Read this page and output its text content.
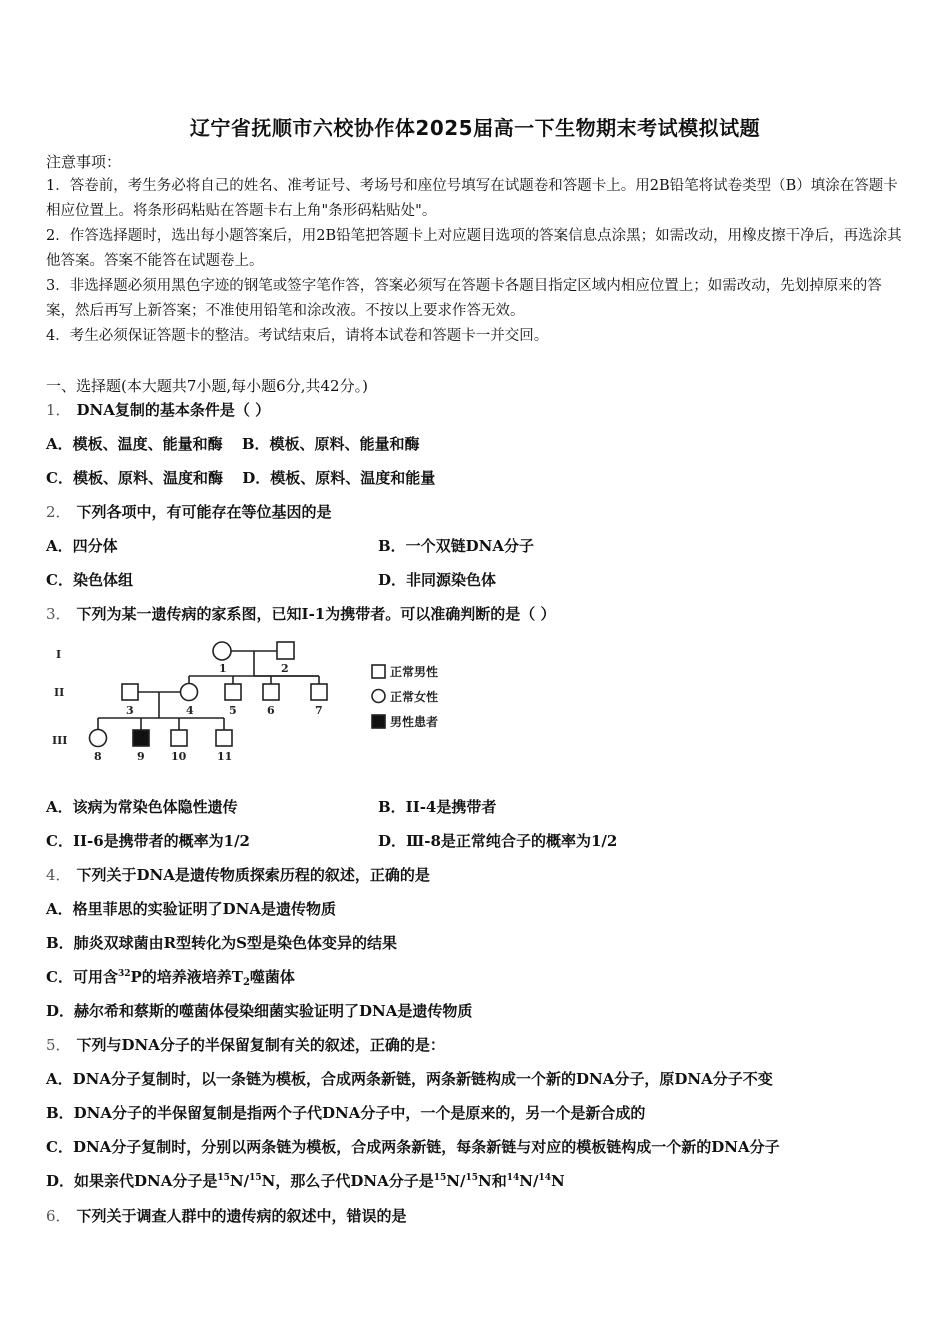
辽宁省抚顺市六校协作体2025届高一下生物期末考试模拟试题
注意事项：
1．答卷前，考生务必将自己的姓名、准考证号、考场号和座位号填写在试题卷和答题卡上。用2B铅笔将试卷类型（B）填涂在答题卡相应位置上。将条形码粘贴在答题卡右上角"条形码粘贴处"。
2．作答选择题时，选出每小题答案后，用2B铅笔把答题卡上对应题目选项的答案信息点涂黑；如需改动，用橡皮擦干净后，再选涂其他答案。答案不能答在试题卷上。
3．非选择题必须用黑色字迹的钢笔或签字笔作答，答案必须写在答题卡各题目指定区域内相应位置上；如需改动，先划掉原来的答案，然后再写上新答案；不准使用铅笔和涂改液。不按以上要求作答无效。
4．考生必须保证答题卡的整洁。考试结束后，请将本试卷和答题卡一并交回。
一、选择题(本大题共7小题,每小题6分,共42分。)
1． DNA复制的基本条件是（ ）
A．模板、温度、能量和酶 B．模板、原料、能量和酶
C．模板、原料、温度和酶 D．模板、原料、温度和能量
2． 下列各项中，有可能存在等位基因的是
A．四分体	B．一个双链DNA分子
C．染色体组	D．非同源染色体
3． 下列为某一遗传病的家系图，已知I-1为携带者。可以准确判断的是（ ）
I
II
III
1	2
3	4	5	6	7
8	9 10	11
正常男性
正常女性
男性患者
A．该病为常染色体隐性遗传	B．II-4是携带者
C．II-6是携带者的概率为1/2	D．Ⅲ-8是正常纯合子的概率为1/2
4． 下列关于DNA是遗传物质探索历程的叙述，正确的是
A．格里菲思的实验证明了DNA是遗传物质
B．肺炎双球菌由R型转化为S型是染色体变异的结果
C．可用含$^{32}$P的培养液培养$T_2$噬菌体
D．赫尔希和蔡斯的噬菌体侵染细菌实验证明了DNA是遗传物质
5． 下列与DNA分子的半保留复制有关的叙述，正确的是：
A．DNA分子复制时，以一条链为模板，合成两条新链，两条新链构成一个新的DNA分子，原DNA分子不变
B．DNA分子的半保留复制是指两个子代DNA分子中，一个是原来的，另一个是新合成的
C．DNA分子复制时，分别以两条链为模板，合成两条新链，每条新链与对应的模板链构成一个新的DNA分子
D．如果亲代DNA分子是$^{15}$N/$^{15}$N，那么子代DNA分子是$^{15}$N/$^{15}$N和$^{14}$N/$^{14}$N
6． 下列关于调查人群中的遗传病的叙述中，错误的是
